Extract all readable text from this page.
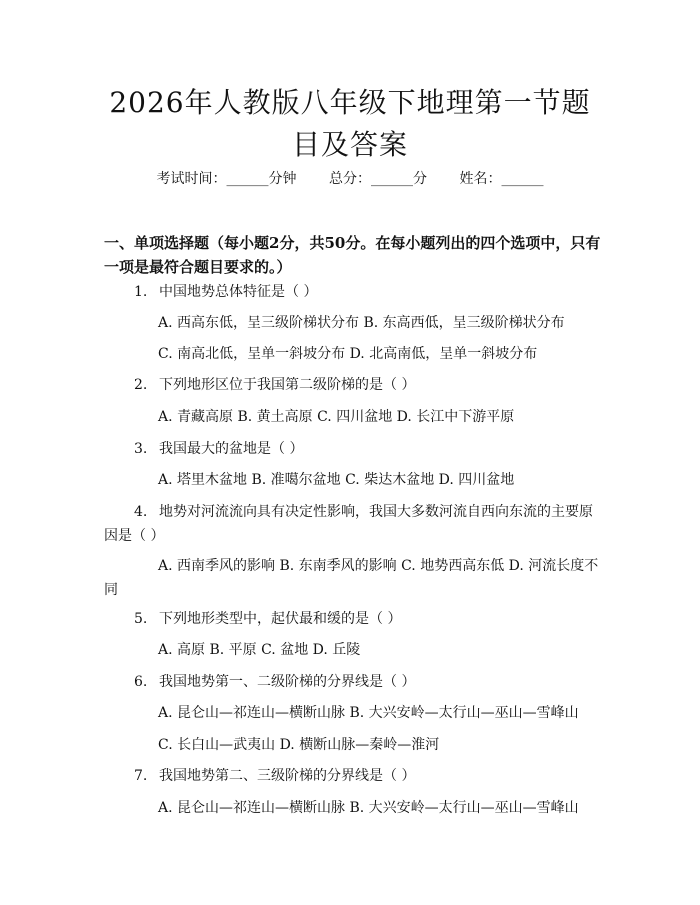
2026年人教版八年级下地理第一节题目及答案
考试时间：______分钟 总分：______分 姓名：______
一、单项选择题（每小题2分，共50分。在每小题列出的四个选项中，只有一项是最符合题目要求的。）
1. 中国地势总体特征是（ ）
A. 西高东低，呈三级阶梯状分布 B. 东高西低，呈三级阶梯状分布
C. 南高北低，呈单一斜坡分布 D. 北高南低，呈单一斜坡分布
2. 下列地形区位于我国第二级阶梯的是（ ）
A. 青藏高原 B. 黄土高原 C. 四川盆地 D. 长江中下游平原
3. 我国最大的盆地是（ ）
A. 塔里木盆地 B. 准噶尔盆地 C. 柴达木盆地 D. 四川盆地
4. 地势对河流流向具有决定性影响，我国大多数河流自西向东流的主要原因是（ ）
A. 西南季风的影响 B. 东南季风的影响 C. 地势西高东低 D. 河流长度不同
5. 下列地形类型中，起伏最和缓的是（ ）
A. 高原 B. 平原 C. 盆地 D. 丘陵
6. 我国地势第一、二级阶梯的分界线是（ ）
A. 昆仑山—祁连山—横断山脉 B. 大兴安岭—太行山—巫山—雪峰山
C. 长白山—武夷山 D. 横断山脉—秦岭—淮河
7. 我国地势第二、三级阶梯的分界线是（ ）
A. 昆仑山—祁连山—横断山脉 B. 大兴安岭—太行山—巫山—雪峰山
